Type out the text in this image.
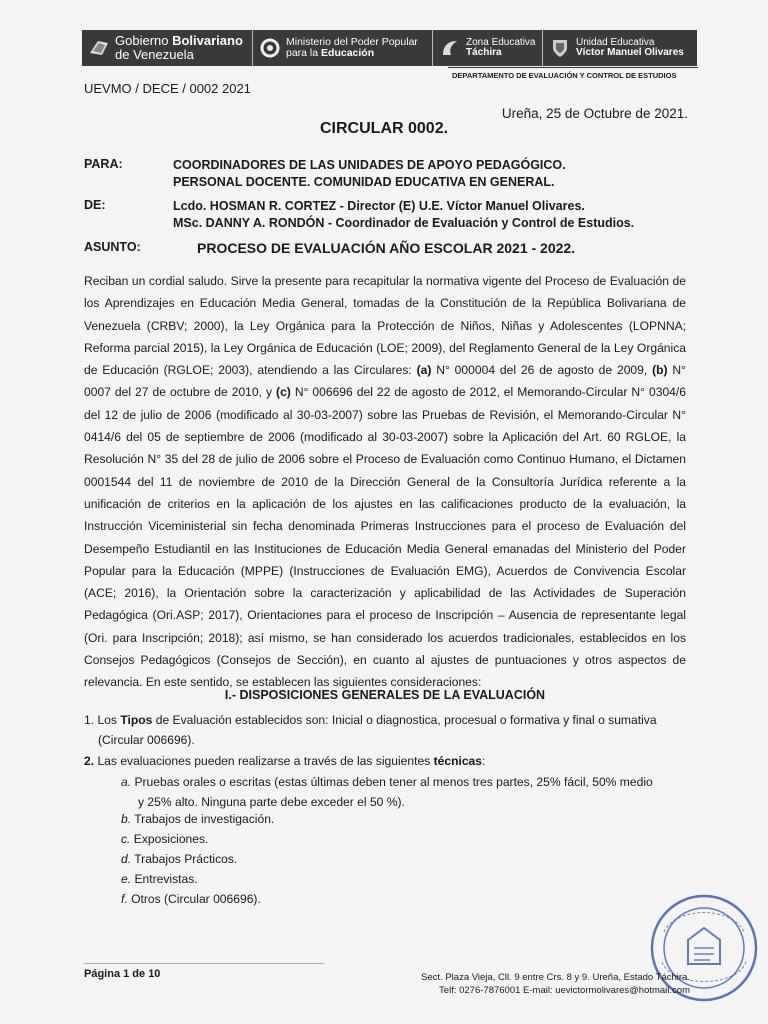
Gobierno Bolivariano
de Venezuela
Ministerio del Poder Popular
para la Educación
Zona Educativa
Táchira
Unidad Educativa
Víctor Manuel Olivares
DEPARTAMENTO DE EVALUACIÓN Y CONTROL DE ESTUDIOS
UEVMO / DECE / 0002 2021
Ureña, 25 de Octubre de 2021.
CIRCULAR 0002.
PARA:	COORDINADORES DE LAS UNIDADES DE APOYO PEDAGÓGICO.
PERSONAL DOCENTE. COMUNIDAD EDUCATIVA EN GENERAL.
DE:	Lcdo. HOSMAN R. CORTEZ - Director (E) U.E. Víctor Manuel Olivares.
MSc. DANNY A. RONDÓN - Coordinador de Evaluación y Control de Estudios.
ASUNTO:	PROCESO DE EVALUACIÓN AÑO ESCOLAR 2021 - 2022.
Reciban un cordial saludo. Sirve la presente para recapitular la normativa vigente del Proceso de Evaluación de los Aprendizajes en Educación Media General, tomadas de la Constitución de la República Bolivariana de Venezuela (CRBV; 2000), la Ley Orgánica para la Protección de Niños, Niñas y Adolescentes (LOPNNA; Reforma parcial 2015), la Ley Orgánica de Educación (LOE; 2009), del Reglamento General de la Ley Orgánica de Educación (RGLOE; 2003), atendiendo a las Circulares: (a) N° 000004 del 26 de agosto de 2009, (b) N° 0007 del 27 de octubre de 2010, y (c) N° 006696 del 22 de agosto de 2012, el Memorando-Circular N° 0304/6 del 12 de julio de 2006 (modificado al 30-03-2007) sobre las Pruebas de Revisión, el Memorando-Circular N° 0414/6 del 05 de septiembre de 2006 (modificado al 30-03-2007) sobre la Aplicación del Art. 60 RGLOE, la Resolución N° 35 del 28 de julio de 2006 sobre el Proceso de Evaluación como Continuo Humano, el Dictamen 0001544 del 11 de noviembre de 2010 de la Dirección General de la Consultoría Jurídica referente a la unificación de criterios en la aplicación de los ajustes en las calificaciones producto de la evaluación, la Instrucción Viceministerial sin fecha denominada Primeras Instrucciones para el proceso de Evaluación del Desempeño Estudiantil en las Instituciones de Educación Media General emanadas del Ministerio del Poder Popular para la Educación (MPPE) (Instrucciones de Evaluación EMG), Acuerdos de Convivencia Escolar (ACE; 2016), la Orientación sobre la caracterización y aplicabilidad de las Actividades de Superación Pedagógica (Ori.ASP; 2017), Orientaciones para el proceso de Inscripción – Ausencia de representante legal (Ori. para Inscripción; 2018); así mismo, se han considerado los acuerdos tradicionales, establecidos en los Consejos Pedagógicos (Consejos de Sección), en cuanto al ajustes de puntuaciones y otros aspectos de relevancia. En este sentido, se establecen las siguientes consideraciones:
I.- DISPOSICIONES GENERALES DE LA EVALUACIÓN
1. Los Tipos de Evaluación establecidos son: Inicial o diagnostica, procesual o formativa y final o sumativa
(Circular 006696).
2. Las evaluaciones pueden realizarse a través de las siguientes técnicas:
a. Pruebas orales o escritas (estas últimas deben tener al menos tres partes, 25% fácil, 50% medio
y 25% alto. Ninguna parte debe exceder el 50 %).
b. Trabajos de investigación.
c. Exposiciones.
d. Trabajos Prácticos.
e. Entrevistas.
f. Otros (Circular 006696).
Página 1 de 10	Sect. Plaza Vieja, Cll. 9 entre Crs. 8 y 9. Ureña, Estado Táchira.
Telf: 0276-7876001 E-mail: uevictormolivares@hotmail.com
